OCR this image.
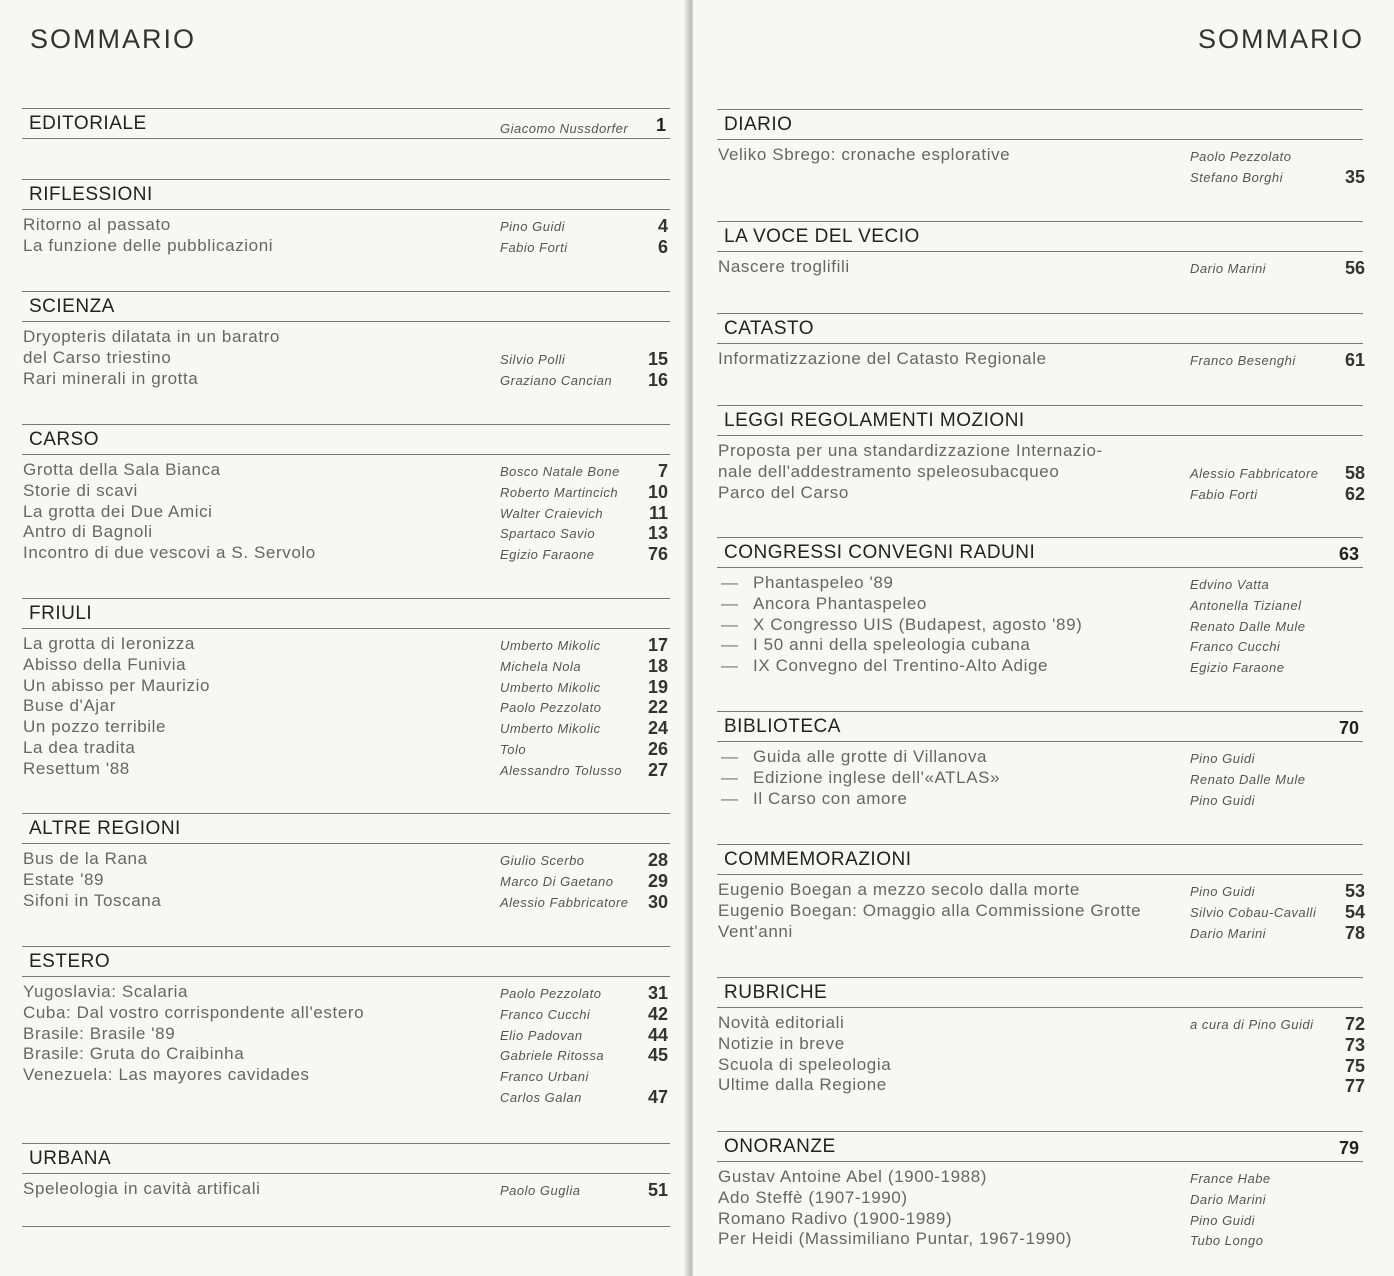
SOMMARIO
EDITORIALE	Giacomo Nussdorfer 1
RIFLESSIONI
Ritorno al passato	Pino Guidi	4
La funzione delle pubblicazioni	Fabio Forti	6
SCIENZA
Dryopteris dilatata in un baratro
del Carso triestino	Silvio Polli	15
Rari minerali in grotta	Graziano Cancian 16
CARSO
Grotta della Sala Bianca	Bosco Natale Bone 7
Storie di scavi	Roberto Martincich 10
La grotta dei Due Amici	Walter Craievich	11
Antro di Bagnoli	Spartaco Savio	13
Incontro di due vescovi a S. Servolo	Egizio Faraone	76
FRIULI
La grotta di Ieronizza	Umberto Mikolic	17
Abisso della Funivia	Michela Nola	18
Un abisso per Maurizio	Umberto Mikolic	19
Buse d'Ajar	Paolo Pezzolato	22
Un pozzo terribile	Umberto Mikolic	24
La dea tradita	Tolo	26
Resettum '88	Alessandro Tolusso 27
ALTRE REGIONI
Bus de la Rana	Giulio Scerbo	28
Estate '89	Marco Di Gaetano 29
Sifoni in Toscana	Alessio Fabbricatore 30
ESTERO
Yugoslavia: Scalaria	Paolo Pezzolato	31
Cuba: Dal vostro corrispondente all'estero	Franco Cucchi	42
Brasile: Brasile '89	Elio Padovan	44
Brasile: Gruta do Craibinha	Gabriele Ritossa 45
Venezuela: Las mayores cavidades	Franco Urbani
Carlos Galan	47
URBANA
Speleologia in cavità artificali	Paolo Guglia	51
SOMMARIO
DIARIO
Veliko Sbrego: cronache esplorative	Paolo Pezzolato
Stefano Borghi	35
LA VOCE DEL VECIO
Nascere troglifili	Dario Marini	56
CATASTO
Informatizzazione del Catasto Regionale	Franco Besenghi	61
LEGGI REGOLAMENTI MOZIONI
Proposta per una standardizzazione Internazio-
nale dell'addestramento speleosubacqueo	Alessio Fabbricatore 58
Parco del Carso	Fabio Forti	62
CONGRESSI CONVEGNI RADUNI	63
— Phantaspeleo '89	Edvino Vatta
— Ancora Phantaspeleo	Antonella Tizianel
— X Congresso UIS (Budapest, agosto '89)	Renato Dalle Mule
— I 50 anni della speleologia cubana	Franco Cucchi
— IX Convegno del Trentino-Alto Adige	Egizio Faraone
BIBLIOTECA	70
— Guida alle grotte di Villanova	Pino Guidi
— Edizione inglese dell'«ATLAS»	Renato Dalle Mule
— Il Carso con amore	Pino Guidi
COMMEMORAZIONI
Eugenio Boegan a mezzo secolo dalla morte	Pino Guidi	53
Eugenio Boegan: Omaggio alla Commissione Grotte	Silvio Cobau-Cavalli 54
Vent'anni	Dario Marini	78
RUBRICHE
Novità editoriali	a cura di Pino Guidi 72
Notizie in breve	73
Scuola di speleologia	75
Ultime dalla Regione	77
ONORANZE	79
Gustav Antoine Abel (1900-1988)	France Habe
Ado Steffè (1907-1990)	Dario Marini
Romano Radivo (1900-1989)	Pino Guidi
Per Heidi (Massimiliano Puntar, 1967-1990)	Tubo Longo
